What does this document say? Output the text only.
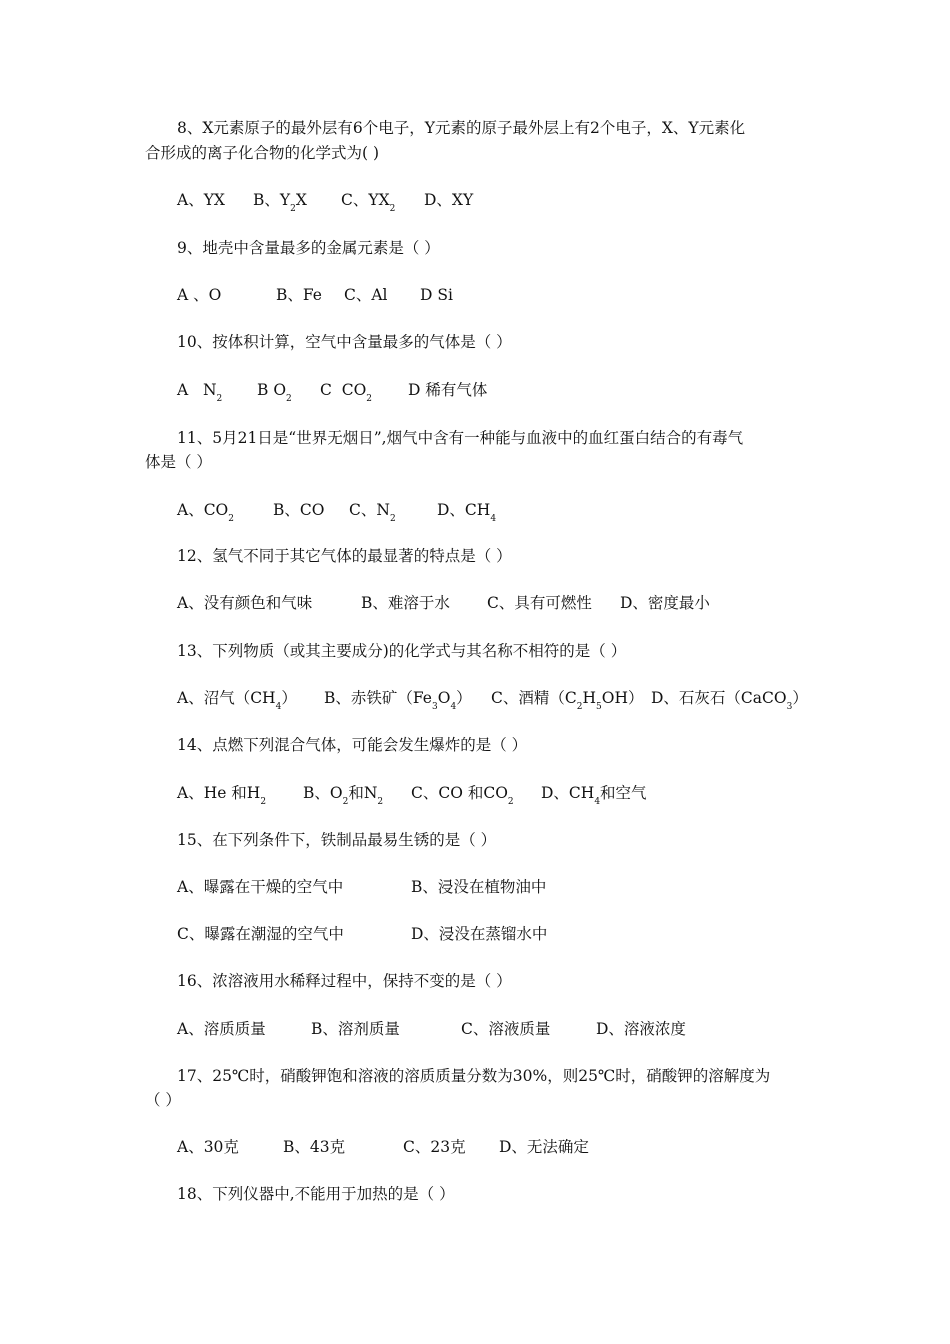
8、X元素原子的最外层有6个电子，Y元素的原子最外层上有2个电子，X、Y元素化
合形成的离子化合物的化学式为( )
A、YX B、$Y_2X$ C、$YX_2$ D、XY
9、地壳中含量最多的金属元素是（ ）
A 、O	B、Fe C、Al D Si
10、按体积计算，空气中含量最多的气体是（ ）
A   $N_2$ B $O_2$ C  $CO_2$ D 稀有气体
11、5月21日是“世界无烟日”,烟气中含有一种能与血液中的血红蛋白结合的有毒气
体是（ ）
A、$CO_2$	B、CO C、$N_2$	D、$CH_4$
12、氢气不同于其它气体的最显著的特点是（ ）
A、没有颜色和气味	B、难溶于水 C、具有可燃性 D、密度最小
13、下列物质（或其主要成分)的化学式与其名称不相符的是（ ）
A、沼气$(CH_4)$ B、赤铁矿$(Fe_3O_4)$ C、酒精$(C_2H_5OH)$ D、石灰石（CaCO$_3$）
14、点燃下列混合气体，可能会发生爆炸的是（ ）
A、He 和$H_2$ B、$O_2$和$N_2$ C、CO 和$CO_2$ D、$CH_4$和空气
15、在下列条件下，铁制品最易生锈的是（ ）
A、曝露在干燥的空气中	B、浸没在植物油中
C、曝露在潮湿的空气中	D、浸没在蒸镏水中
16、浓溶液用水稀释过程中，保持不变的是（ ）
A、溶质质量	B、溶剂质量	C、溶液质量	D、溶液浓度
17、25℃时，硝酸钾饱和溶液的溶质质量分数为30%，则25℃时，硝酸钾的溶解度为
（ ）
A、30克	B、43克	C、23克 D、无法确定
18、下列仪器中,不能用于加热的是（ ）
